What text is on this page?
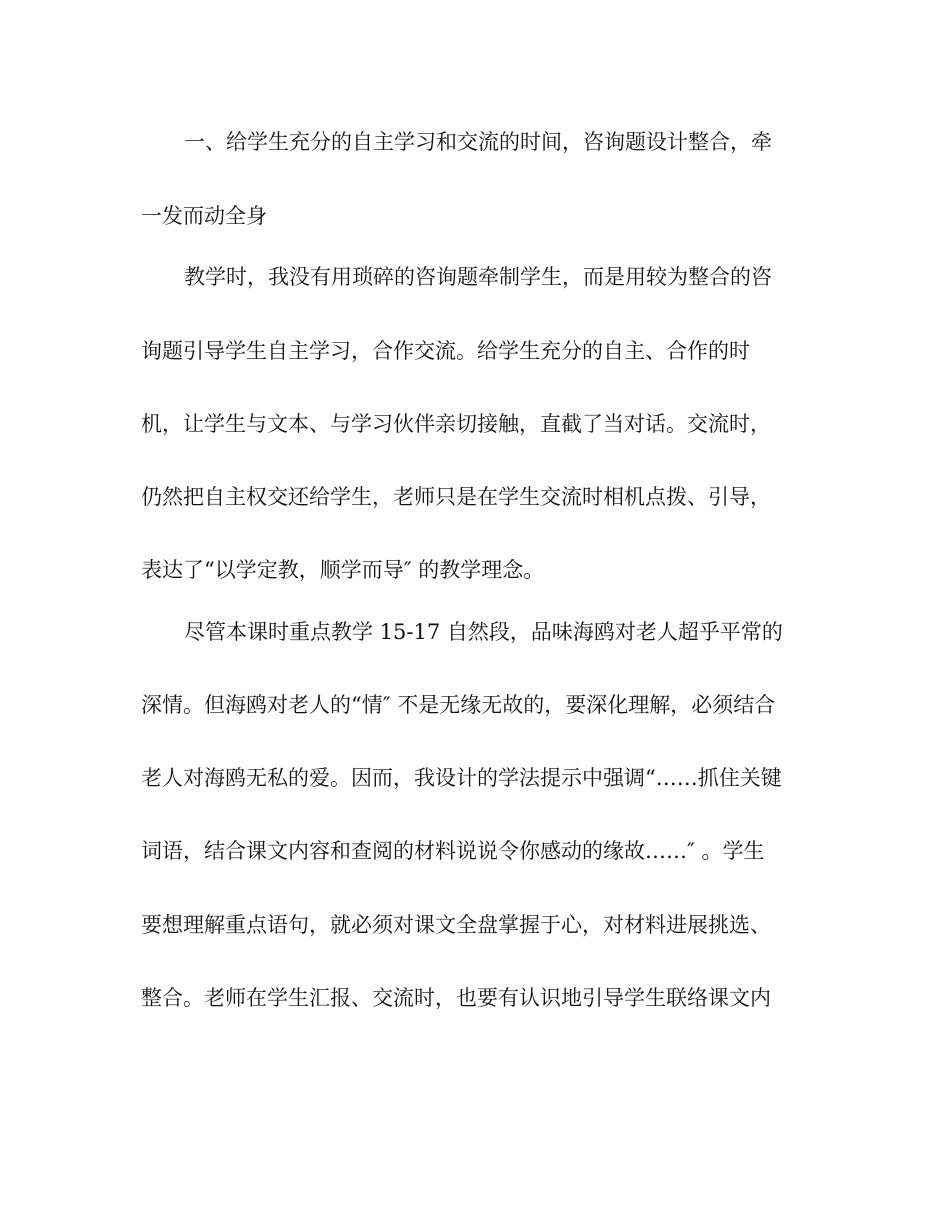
一、给学生充分的自主学习和交流的时间，咨询题设计整合，牵
一发而动全身
教学时，我没有用琐碎的咨询题牵制学生，而是用较为整合的咨
询题引导学生自主学习，合作交流。给学生充分的自主、合作的时
机，让学生与文本、与学习伙伴亲切接触，直截了当对话。交流时，
仍然把自主权交还给学生，老师只是在学生交流时相机点拨、引导，
表达了“以学定教，顺学而导″ 的教学理念。
尽管本课时重点教学 15-17 自然段，品味海鸥对老人超乎平常的
深情。但海鸥对老人的“情″ 不是无缘无故的，要深化理解，必须结合
老人对海鸥无私的爱。因而，我设计的学法提示中强调“……抓住关键
词语，结合课文内容和查阅的材料说说令你感动的缘故……″ 。学生
要想理解重点语句，就必须对课文全盘掌握于心，对材料进展挑选、
整合。老师在学生汇报、交流时，也要有认识地引导学生联络课文内
